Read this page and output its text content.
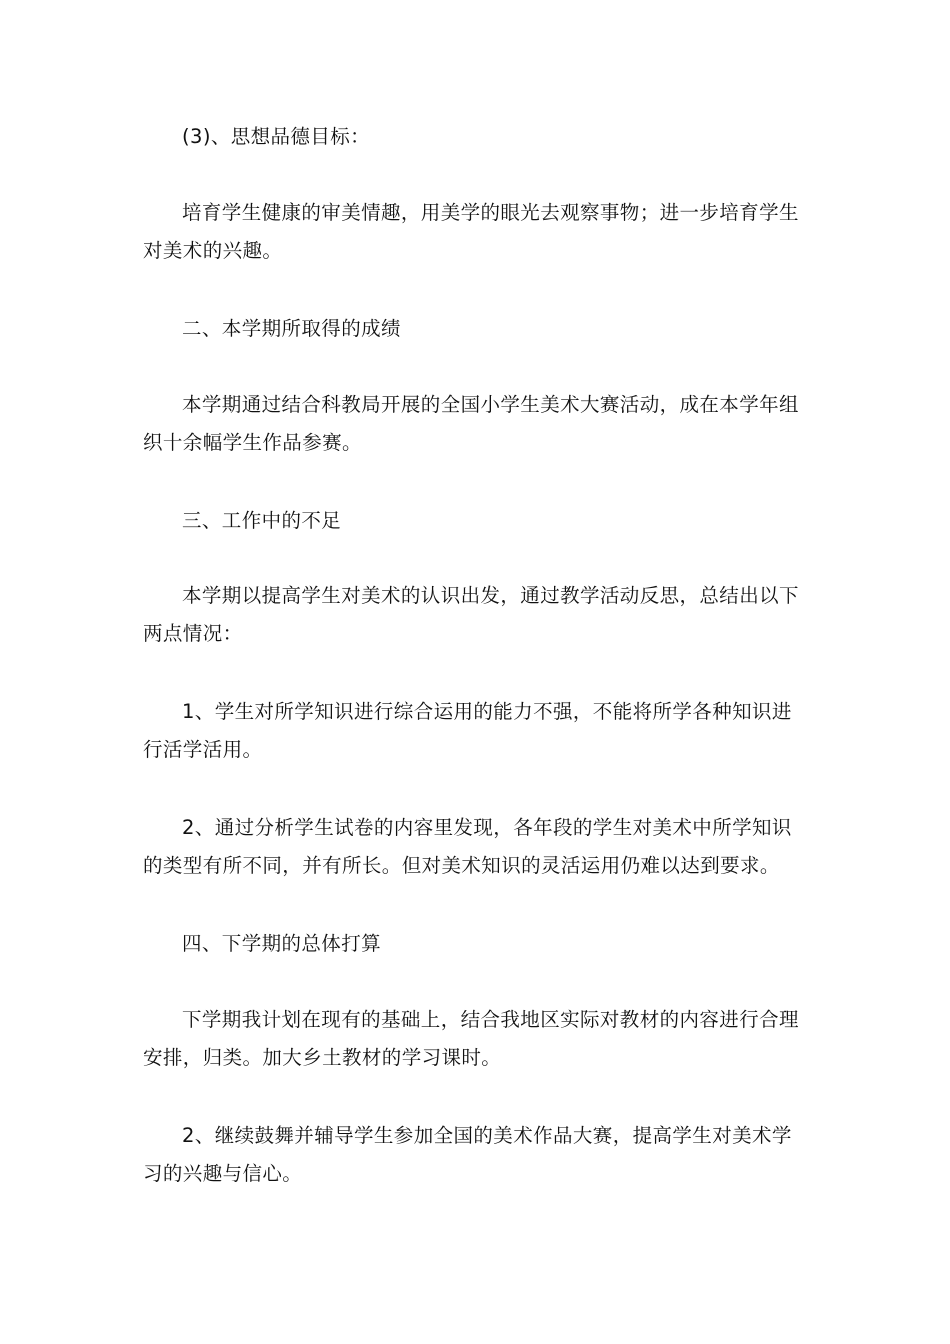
(3)、思想品德目标：

培育学生健康的审美情趣，用美学的眼光去观察事物；进一步培育学生对美术的兴趣。

二、本学期所取得的成绩

本学期通过结合科教局开展的全国小学生美术大赛活动，成在本学年组织十余幅学生作品参赛。

三、工作中的不足

本学期以提高学生对美术的认识出发，通过教学活动反思，总结出以下两点情况：

1、学生对所学知识进行综合运用的能力不强，不能将所学各种知识进行活学活用。

2、通过分析学生试卷的内容里发现，各年段的学生对美术中所学知识的类型有所不同，并有所长。但对美术知识的灵活运用仍难以达到要求。

四、下学期的总体打算

下学期我计划在现有的基础上，结合我地区实际对教材的内容进行合理安排，归类。加大乡土教材的学习课时。

2、继续鼓舞并辅导学生参加全国的美术作品大赛，提高学生对美术学习的兴趣与信心。
